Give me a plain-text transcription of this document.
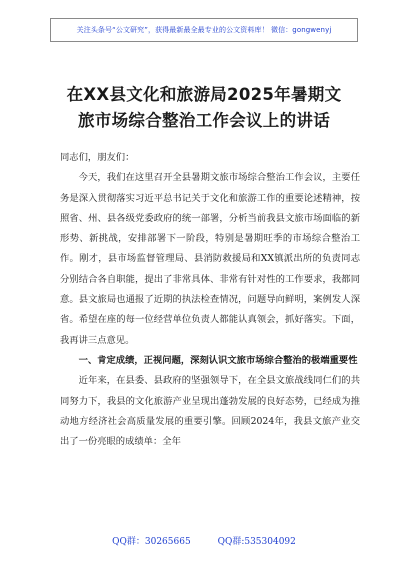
关注头条号“公文研究”，获得最新最全最专业的公文资料库！ 微信：gongwenyj
在XX县文化和旅游局2025年暑期文
旅市场综合整治工作会议上的讲话

同志们，朋友们：

今天，我们在这里召开全县暑期文旅市场综合整治工作会议，主要任务是深入贯彻落实习近平总书记关于文化和旅游工作的重要论述精神，按照省、州、县各级党委政府的统一部署，分析当前我县文旅市场面临的新形势、新挑战，安排部署下一阶段，特别是暑期旺季的市场综合整治工作。刚才，县市场监督管理局、县消防救援局和XX镇派出所的负责同志分别结合各自职能，提出了非常具体、非常有针对性的工作要求，我都同意。县文旅局也通报了近期的执法检查情况，问题导向鲜明，案例发人深省。希望在座的每一位经营单位负责人都能认真领会，抓好落实。下面，我再讲三点意见。

一、肯定成绩，正视问题，深刻认识文旅市场综合整治的极端重要性

近年来，在县委、县政府的坚强领导下，在全县文旅战线同仁们的共同努力下，我县的文化旅游产业呈现出蓬勃发展的良好态势，已经成为推动地方经济社会高质量发展的重要引擎。回顾2024年，我县文旅产业交出了一份亮眼的成绩单：全年

QQ群：30265665	QQ群:535304092
